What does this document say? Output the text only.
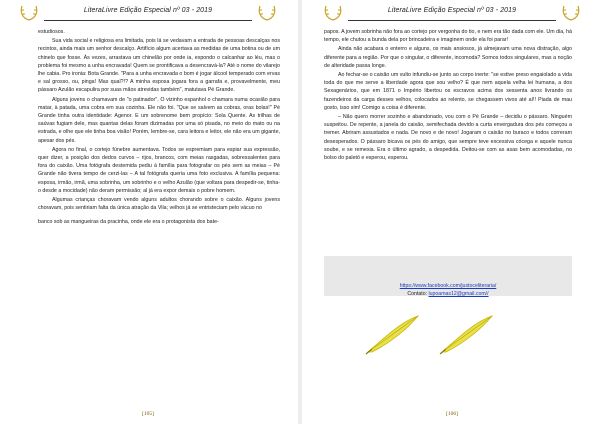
LiteraLivre Edição Especial nº 03 - 2019

estudiosos.

Sua vida social e religiosa era limitada, pois lá se vedavam a entrada de pessoas descalças nos recintos, ainda mais um senhor descalço. Artifício algum acertava as medidas de uma botina ou de um chinelo que fosse. Às vezes, arrastava um chinelão por onde ia, expondo o calcanhar ao léu, mas o problema foi mesmo a unha encravada! Quem se prontificava a desencravá-la? Até o nome do vilarejo lhe cabia. Pro ironia: Bota Grande. "Para a unha encravada o bom é jogar álcool temperado com ervas e sal grosso, ou, pinga! Mas qual?!? A minha esposa jogara fora a garrafa e, provavelmente, meu pássaro Azulão escapulira por suas mãos atrevidas também", matutava Pé Grande.

Alguns jovens o chamavam de "o patinador". O vizinho espanhol o chamara numa ocasião para matar, à patada, uma cobra em sua cozinha. Ele não foi. "Que se salvem as cobras, oras bolas!" Pé Grande tinha outra identidade: Agenor. E um sobrenome bem propício: Sola Quente. As trilhas de saúvas fugiam dele, mas quantas delas foram dizimadas por uma só pisada, no meio do mato ou na estrada, e olhe que ele tinha boa visão! Porém, lembre-se, cara leitora e leitor, ele não era um gigante, apesar dos pés.

Agora no final, o cortejo fúnebre aumentava. Todos se espremiam para espiar sua expressão, quer dizer, a posição dos dedos curvos – rijos, brancos, com meias rasgadas, sobressalentes para fora do caixão. Uma fotógrafa destemida pediu à família para fotografar os pés sem as meias – Pé Grande não tivera tempo de cerzi-las – A tal fotógrafa queria uma foto exclusiva. A família pequena: esposa, irmão, irmã, uma sobrinha, um sobrinho e o velho Azulão (que voltara para despedir-se, tinha-o desde a mocidade) não deram permissão; al já era expor demais o pobre homem.

Algumas crianças choravam vendo alguns adultos chorando sobre o caixão. Alguns jovens choravam, pois sentiriam falta da única atração da Vila; velhos já se entristeciam pelo vácuo no

banco sob as mangueiras da pracinha, onde ele era o protagonista dos bate-

[105]
LiteraLivre Edição Especial nº 03 - 2019

papos. A jovem sobrinha não fora ao cortejo por vergonha do tio, e nem era tão dada com ele. Um dia, há tempo, ele chutou a bunda dela por brincadeira e imaginem onde ela foi parar!

Ainda não acabara o enterro e alguns, os mais ansiosos, já almejavam uma nova distração, algo diferente para a região. Por que o singular, o diferente, incomoda? Somos todos singulares, mas a noção de alteridade passa longe.

Ao fechar-se o caixão um vulto infundiu-se junto ao corpo inerte: "se estive preso engaiolado a vida toda do que me serve a liberdade agora que sou velho? É que nem aquela velha lei humana, a dos Sexagenários, que em 1871 o Império libertou os escravos acima dos sessenta anos livrando os fazendeiros da carga desses velhos, colocados ao relento, se chegassem vivos até aí!! Piada de mau gosto, isso sim! Comigo a coisa é diferente.

– Não quero morrer sozinho e abandonado, vou com o Pé Grande – decidiu o pássaro. Ninguém suspeitou. De repente, a janela do caixão, semifechada devido a curta envergadura dos pés começou a tremer. Abriram assustados e nada. De novo e de novo! Jogaram o caixão no buraco e todos correram desesperados. O pássaro bicava os pés do amigo, que sempre teve excessiva cócega e aquele nunca soube, e se remexia. Era o último agrado, a despedida. Deitou-se com as asas bem acomodadas, no bolso do paletó e esperou, esperou.

https://www.facebook.com/justoceliteraria/
Contato: lupoamas12@gmail.com//
[106]
